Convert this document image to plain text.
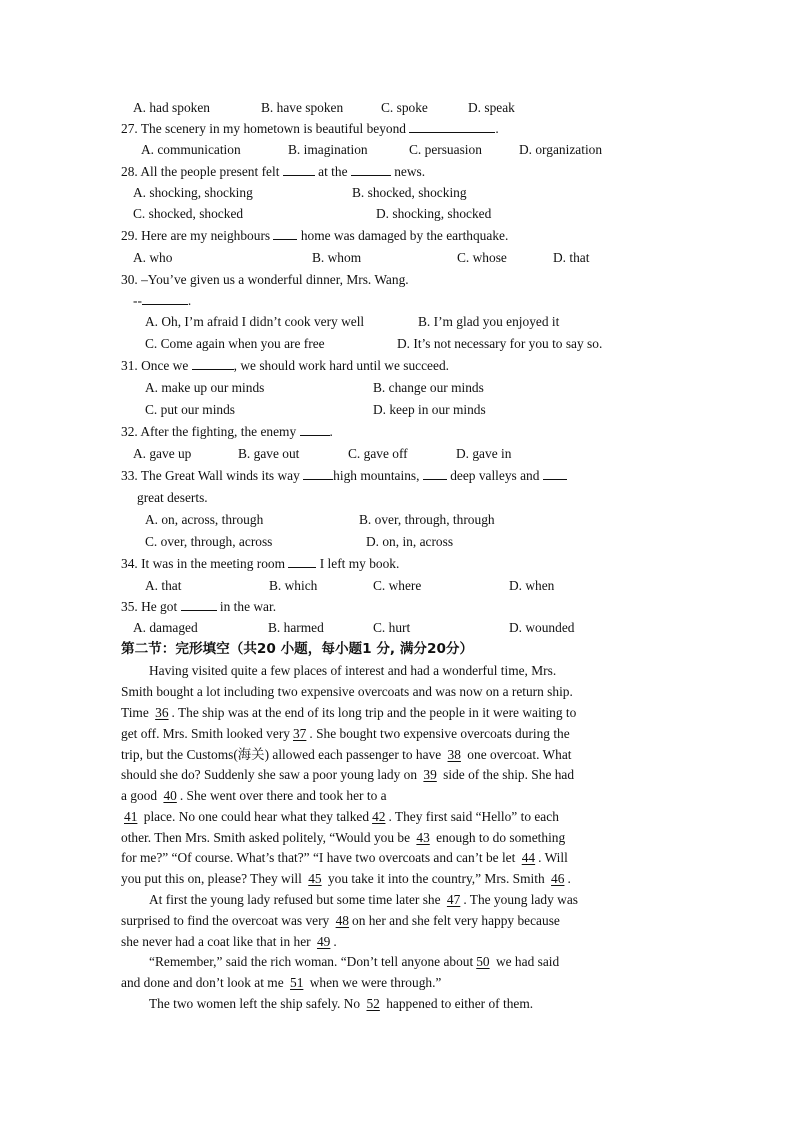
A. had spoken	B. have spoken	C. spoke	D. speak
27. The scenery in my hometown is beautiful beyond	.
A. communication	B. imagination	C. persuasion	D. organization
28. All the people present felt	at the	news.
A. shocking, shocking	B. shocked, shocking
C. shocked, shocked	D. shocking, shocked
29. Here are my neighbours home was damaged by the earthquake.
A. who	B. whom	C. whose	D. that
30. –You’ve given us a wonderful dinner, Mrs. Wang.
--	.
A. Oh, I’m afraid I didn’t cook very well	B. I’m glad you enjoyed it
C. Come again when you are free	D. It’s not necessary for you to say so.
31. Once we	, we should work hard until we succeed.
A. make up our minds	B. change our minds
C. put our minds	D. keep in our minds
32. After the fighting, the enemy .
A. gave up	B. gave out	C. gave off	D. gave in
33. The Great Wall winds its way high mountains, deep valleys and
great deserts.
A. on, across, through	B. over, through, through
C. over, through, across	D. on, in, across
34. It was in the meeting room	I left my book.
A. that	B. which	C. where	D. when
35. He got	in the war.
A. damaged	B. harmed	C. hurt	D. wounded
第二节：完形填空（共20 小题，每小题1 分, 满分20分）
Having visited quite a few places of interest and had a wonderful time, Mrs.
Smith bought a lot including two expensive overcoats and was now on a return ship.
Time 36 . The ship was at the end of its long trip and the people in it were waiting to
get off. Mrs. Smith looked very 37 . She bought two expensive overcoats during the
trip, but the Customs(海关) allowed each passenger to have 38 one overcoat. What
should she do? Suddenly she saw a poor young lady on 39 side of the ship. She had
a good 40 . She went over there and took her to a
41 place. No one could hear what they talked 42 . They first said “Hello” to each
other. Then Mrs. Smith asked politely, “Would you be 43 enough to do something
for me?” “Of course. What’s that?” “I have two overcoats and can’t be let 44 . Will
you put this on, please? They will 45 you take it into the country,” Mrs. Smith 46 .
At first the young lady refused but some time later she 47 . The young lady was
surprised to find the overcoat was very 48 on her and she felt very happy because
she never had a coat like that in her 49 .
“Remember,” said the rich woman. “Don’t tell anyone about 50 we had said
and done and don’t look at me 51 when we were through.”
The two women left the ship safely. No 52 happened to either of them.
